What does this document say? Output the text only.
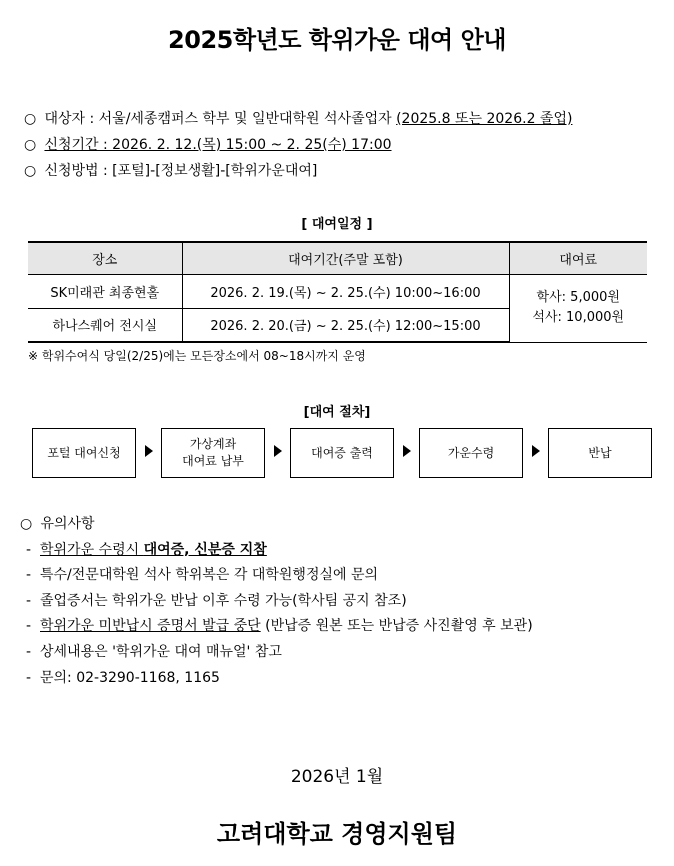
2025학년도 학위가운 대여 안내
○ 대상자 : 서울/세종캠퍼스 학부 및 일반대학원 석사졸업자 (2025.8 또는 2026.2 졸업)
○ 신청기간 : 2026. 2. 12.(목) 15:00 ~ 2. 25(수) 17:00
○ 신청방법 : [포털]-[정보생활]-[학위가운대여]
[ 대여일정 ]
장소	대여기간(주말 포함)	대여료
SK미래관 최종현홀	2026. 2. 19.(목) ~ 2. 25.(수) 10:00~16:00	학사: 5,000원
석사: 10,000원

하나스퀘어 전시실	2026. 2. 20.(금) ~ 2. 25.(수) 12:00~15:00	
※ 학위수여식 당일(2/25)에는 모든장소에서 08~18시까지 운영
[대여 절차]
포털 대여신청
가상계좌
대여료 납부
대여증 출력	가운수령	반납
○ 유의사항
- 학위가운 수령시 대여증, 신분증 지참
- 특수/전문대학원 석사 학위복은 각 대학원행정실에 문의
- 졸업증서는 학위가운 반납 이후 수령 가능(학사팀 공지 참조)
- 학위가운 미반납시 증명서 발급 중단 (반납증 원본 또는 반납증 사진촬영 후 보관)
- 상세내용은 '학위가운 대여 매뉴얼' 참고
- 문의: 02-3290-1168, 1165
2026년 1월
고려대학교 경영지원팀
